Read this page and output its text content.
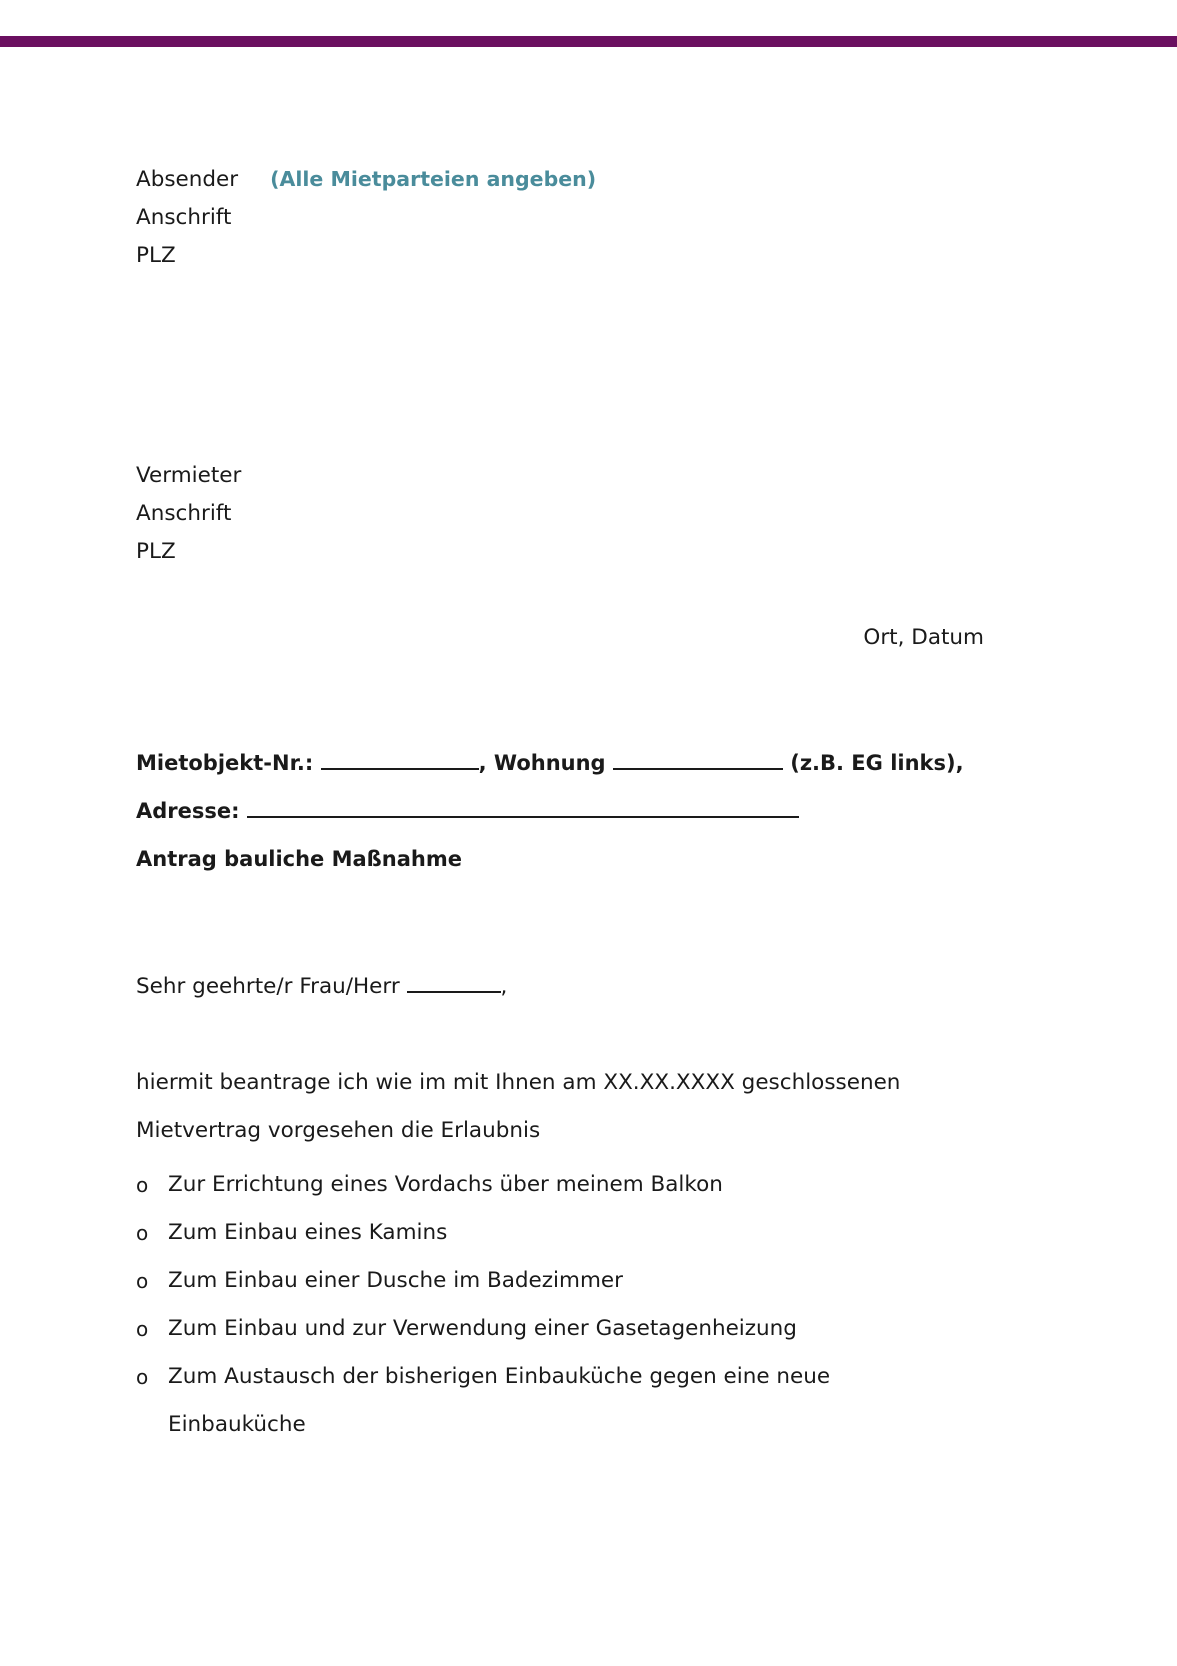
Absender (Alle Mietparteien angeben)
Anschrift
PLZ
Vermieter
Anschrift
PLZ
Ort, Datum
Mietobjekt-Nr.:	, Wohnung	(z.B. EG links),
Adresse:
Antrag bauliche Maßnahme
Sehr geehrte/r Frau/Herr	,
hiermit beantrage ich wie im mit Ihnen am XX.XX.XXXX geschlossenen Mietvertrag vorgesehen die Erlaubnis
o Zur Errichtung eines Vordachs über meinem Balkon
o Zum Einbau eines Kamins
o Zum Einbau einer Dusche im Badezimmer
o Zum Einbau und zur Verwendung einer Gasetagenheizung
o Zum Austausch der bisherigen Einbauküche gegen eine neue Einbauküche
